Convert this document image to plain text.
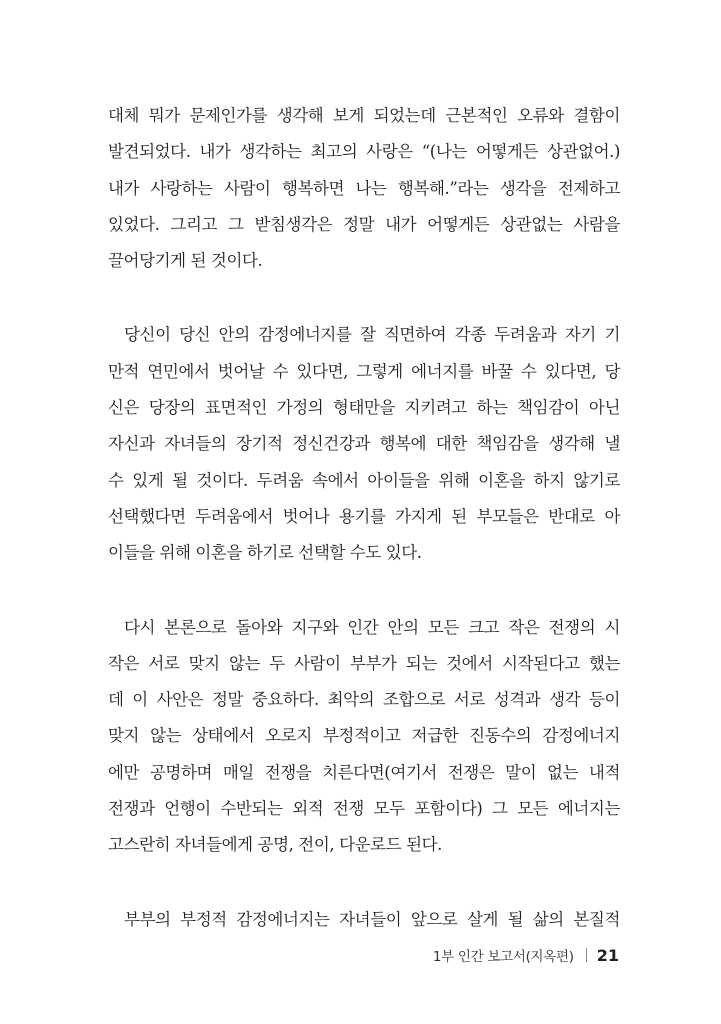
대체 뭐가 문제인가를 생각해 보게 되었는데 근본적인 오류와 결함이
발견되었다. 내가 생각하는 최고의 사랑은 “(나는 어떻게든 상관없어.)
내가 사랑하는 사람이 행복하면 나는 행복해.”라는 생각을 전제하고
있었다. 그리고 그 받침생각은 정말 내가 어떻게든 상관없는 사람을
끌어당기게 된 것이다.
당신이 당신 안의 감정에너지를 잘 직면하여 각종 두려움과 자기 기
만적 연민에서 벗어날 수 있다면, 그렇게 에너지를 바꿀 수 있다면, 당
신은 당장의 표면적인 가정의 형태만을 지키려고 하는 책임감이 아닌
자신과 자녀들의 장기적 정신건강과 행복에 대한 책임감을 생각해 낼
수 있게 될 것이다. 두려움 속에서 아이들을 위해 이혼을 하지 않기로
선택했다면 두려움에서 벗어나 용기를 가지게 된 부모들은 반대로 아
이들을 위해 이혼을 하기로 선택할 수도 있다.
다시 본론으로 돌아와 지구와 인간 안의 모든 크고 작은 전쟁의 시
작은 서로 맞지 않는 두 사람이 부부가 되는 것에서 시작된다고 했는
데 이 사안은 정말 중요하다. 최악의 조합으로 서로 성격과 생각 등이
맞지 않는 상태에서 오로지 부정적이고 저급한 진동수의 감정에너지
에만 공명하며 매일 전쟁을 치른다면(여기서 전쟁은 말이 없는 내적
전쟁과 언행이 수반되는 외적 전쟁 모두 포함이다) 그 모든 에너지는
고스란히 자녀들에게 공명, 전이, 다운로드 된다.
부부의 부정적 감정에너지는 자녀들이 앞으로 살게 될 삶의 본질적
1부 인간 보고서(지옥편) 21
